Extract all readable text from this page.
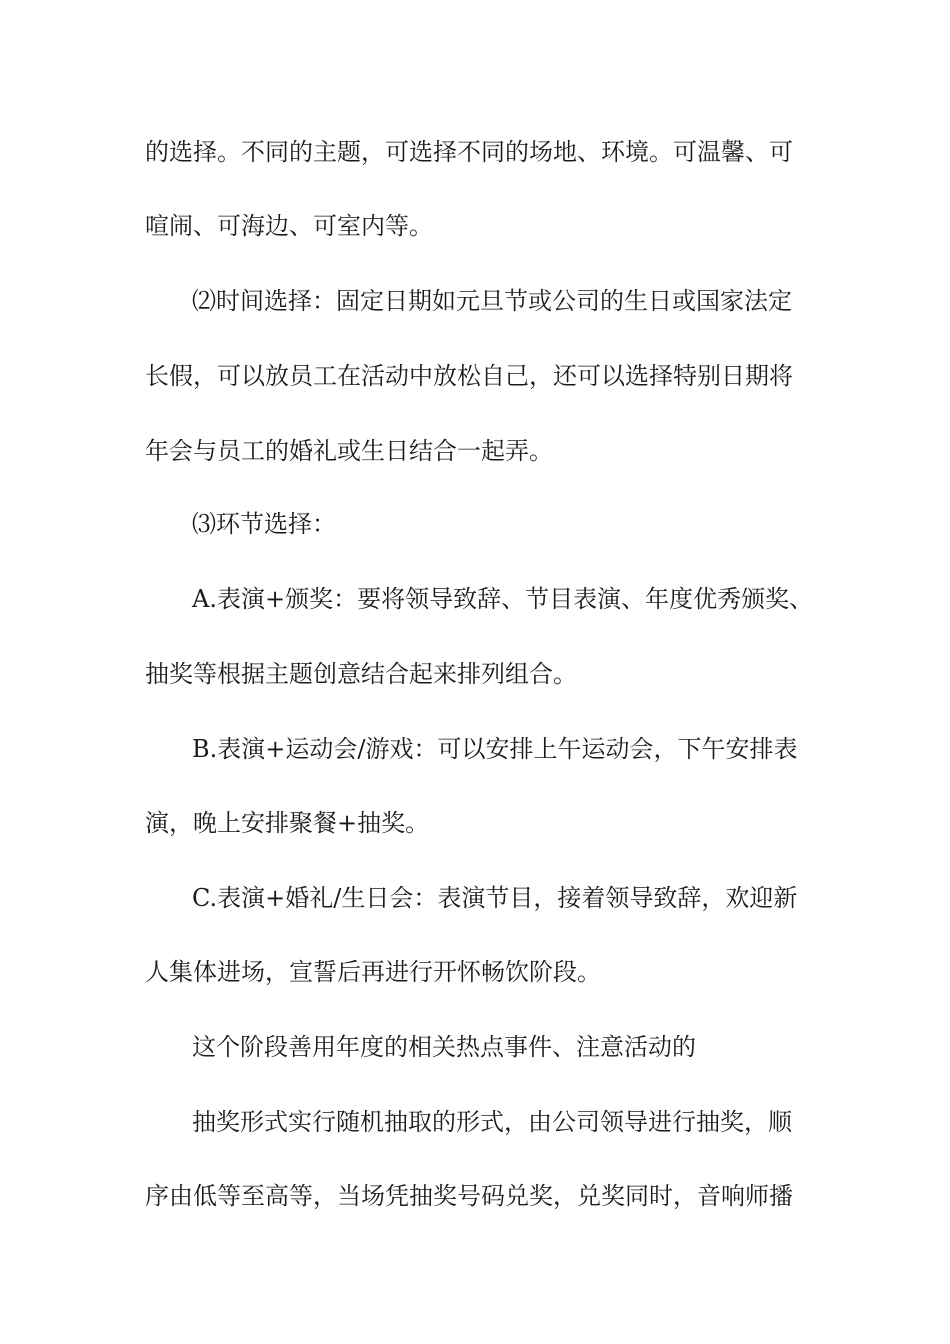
的选择。不同的主题，可选择不同的场地、环境。可温馨、可
喧闹、可海边、可室内等。
⑵时间选择：固定日期如元旦节或公司的生日或国家法定
长假，可以放员工在活动中放松自己，还可以选择特别日期将
年会与员工的婚礼或生日结合一起弄。
⑶环节选择：
A.表演+颁奖：要将领导致辞、节目表演、年度优秀颁奖、
抽奖等根据主题创意结合起来排列组合。
B.表演+运动会/游戏：可以安排上午运动会，下午安排表
演，晚上安排聚餐+抽奖。
C.表演+婚礼/生日会：表演节目，接着领导致辞，欢迎新
人集体进场，宣誓后再进行开怀畅饮阶段。
这个阶段善用年度的相关热点事件、注意活动的
抽奖形式实行随机抽取的形式，由公司领导进行抽奖，顺
序由低等至高等，当场凭抽奖号码兑奖，兑奖同时，音响师播
